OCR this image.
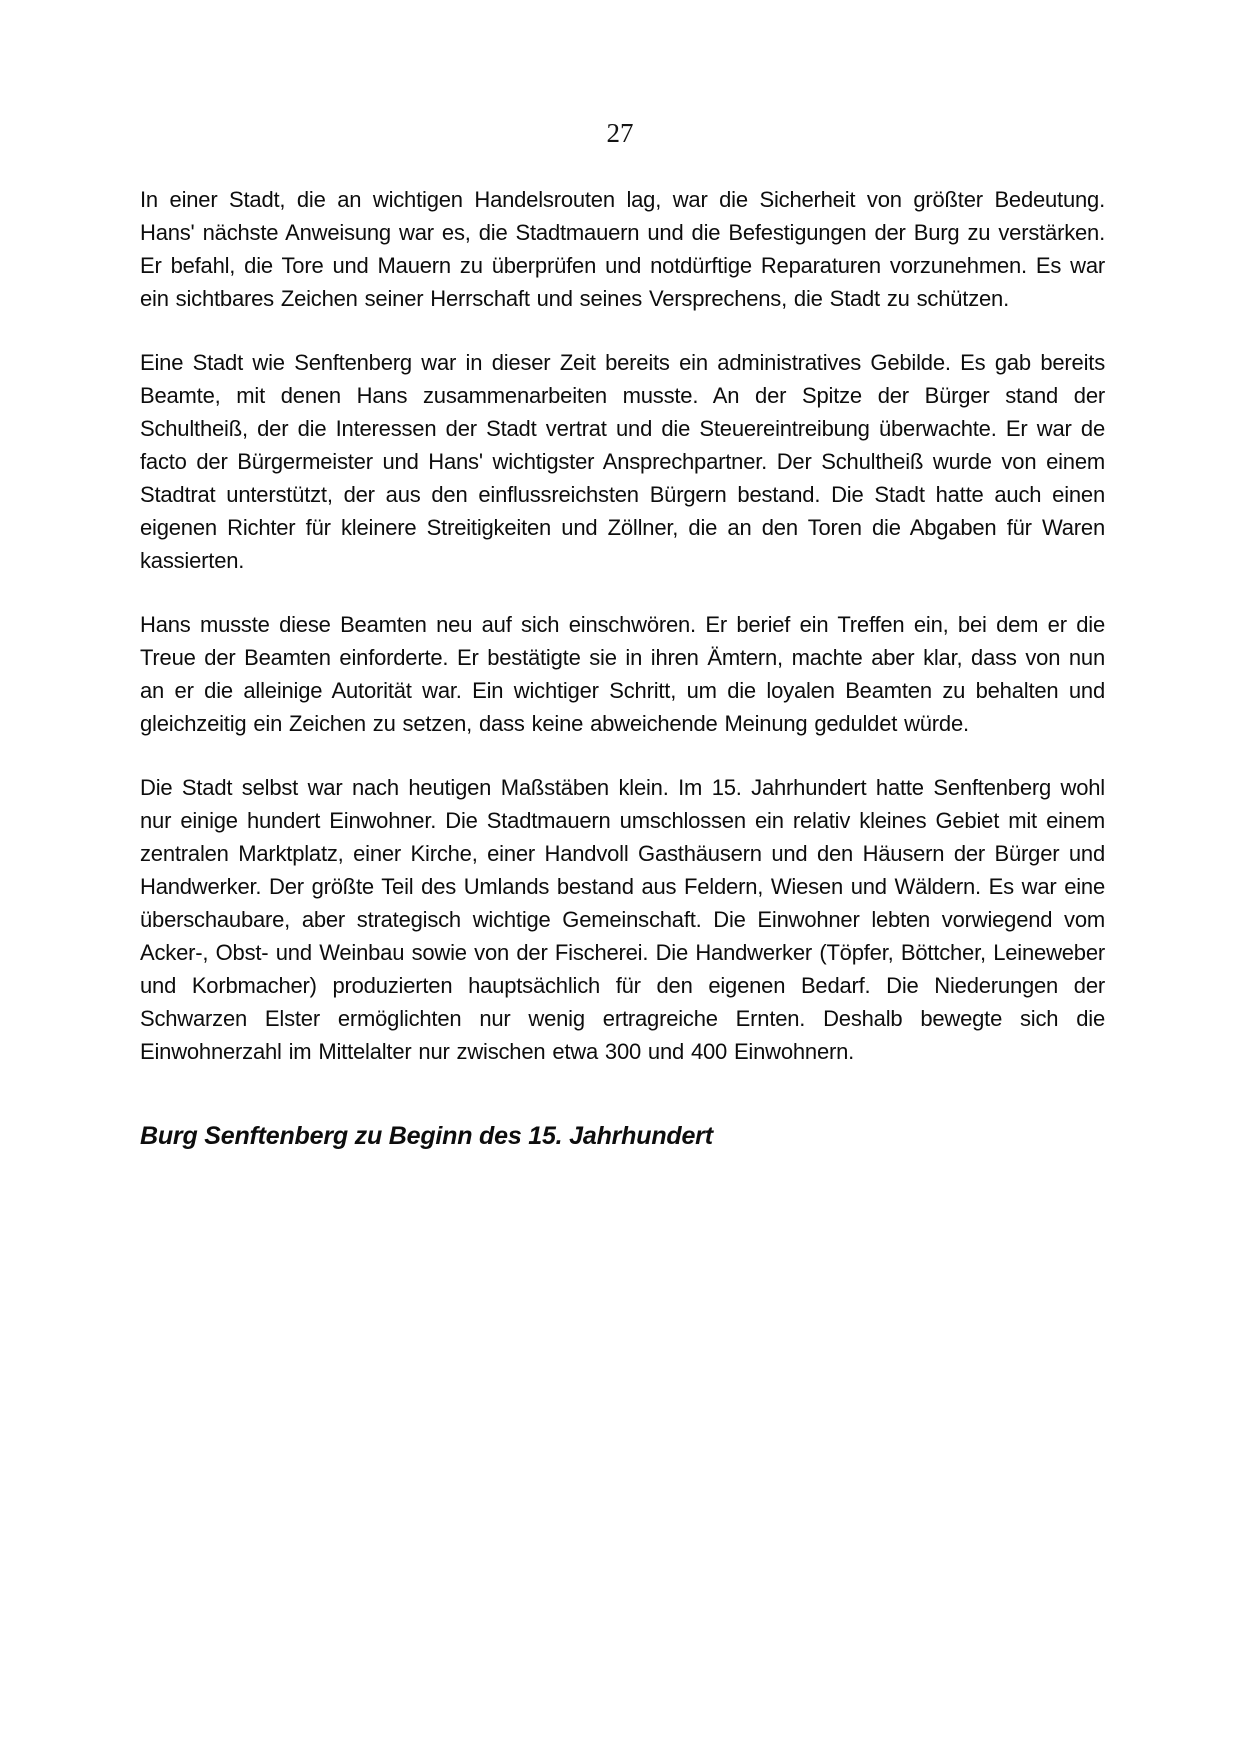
27

In einer Stadt, die an wichtigen Handelsrouten lag, war die Sicherheit von größter Bedeutung. Hans' nächste Anweisung war es, die Stadtmauern und die Befestigungen der Burg zu verstärken. Er befahl, die Tore und Mauern zu überprüfen und notdürftige Reparaturen vorzunehmen. Es war ein sichtbares Zeichen seiner Herrschaft und seines Versprechens, die Stadt zu schützen.

Eine Stadt wie Senftenberg war in dieser Zeit bereits ein administratives Gebilde. Es gab bereits Beamte, mit denen Hans zusammenarbeiten musste. An der Spitze der Bürger stand der Schultheiß, der die Interessen der Stadt vertrat und die Steuereintreibung überwachte. Er war de facto der Bürgermeister und Hans' wichtigster Ansprechpartner. Der Schultheiß wurde von einem Stadtrat unterstützt, der aus den einflussreichsten Bürgern bestand. Die Stadt hatte auch einen eigenen Richter für kleinere Streitigkeiten und Zöllner, die an den Toren die Abgaben für Waren kassierten.

Hans musste diese Beamten neu auf sich einschwören. Er berief ein Treffen ein, bei dem er die Treue der Beamten einforderte. Er bestätigte sie in ihren Ämtern, machte aber klar, dass von nun an er die alleinige Autorität war. Ein wichtiger Schritt, um die loyalen Beamten zu behalten und gleichzeitig ein Zeichen zu setzen, dass keine abweichende Meinung geduldet würde.

Die Stadt selbst war nach heutigen Maßstäben klein. Im 15. Jahrhundert hatte Senftenberg wohl nur einige hundert Einwohner. Die Stadtmauern umschlossen ein relativ kleines Gebiet mit einem zentralen Marktplatz, einer Kirche, einer Handvoll Gasthäusern und den Häusern der Bürger und Handwerker. Der größte Teil des Umlands bestand aus Feldern, Wiesen und Wäldern. Es war eine überschaubare, aber strategisch wichtige Gemeinschaft. Die Einwohner lebten vorwiegend vom Acker-, Obst- und Weinbau sowie von der Fischerei. Die Handwerker (Töpfer, Böttcher, Leineweber und Korbmacher) produzierten hauptsächlich für den eigenen Bedarf. Die Niederungen der Schwarzen Elster ermöglichten nur wenig ertragreiche Ernten. Deshalb bewegte sich die Einwohnerzahl im Mittelalter nur zwischen etwa 300 und 400 Einwohnern.

Burg Senftenberg zu Beginn des 15. Jahrhundert
